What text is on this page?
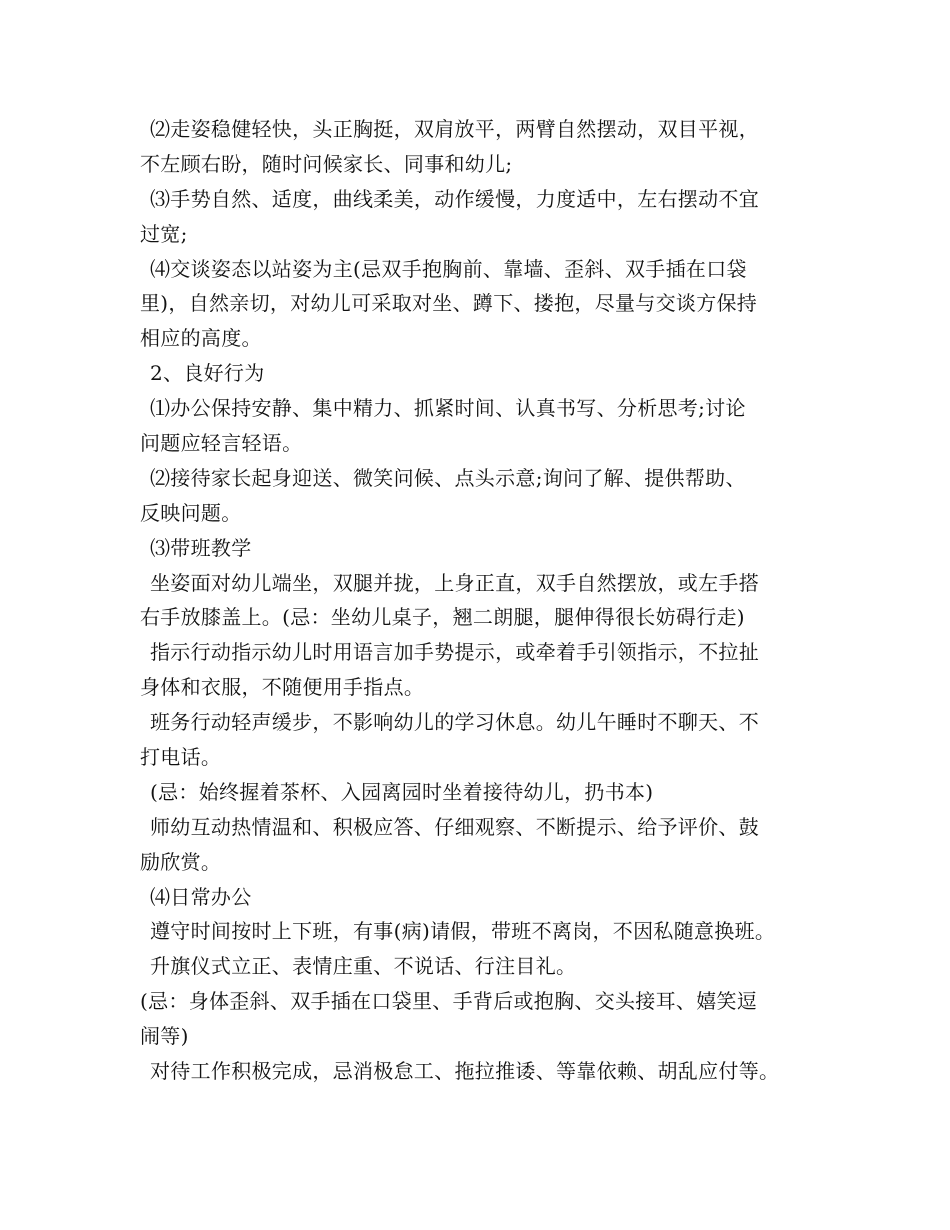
⑵走姿稳健轻快，头正胸挺，双肩放平，两臂自然摆动，双目平视，
不左顾右盼，随时问候家长、同事和幼儿;
⑶手势自然、适度，曲线柔美，动作缓慢，力度适中，左右摆动不宜
过宽;
⑷交谈姿态以站姿为主(忌双手抱胸前、靠墙、歪斜、双手插在口袋
里)，自然亲切，对幼儿可采取对坐、蹲下、搂抱，尽量与交谈方保持
相应的高度。
2、良好行为
⑴办公保持安静、集中精力、抓紧时间、认真书写、分析思考;讨论
问题应轻言轻语。
⑵接待家长起身迎送、微笑问候、点头示意;询问了解、提供帮助、
反映问题。
⑶带班教学
坐姿面对幼儿端坐，双腿并拢，上身正直，双手自然摆放，或左手搭
右手放膝盖上。(忌：坐幼儿桌子，翘二朗腿，腿伸得很长妨碍行走)
指示行动指示幼儿时用语言加手势提示，或牵着手引领指示，不拉扯
身体和衣服，不随便用手指点。
班务行动轻声缓步，不影响幼儿的学习休息。幼儿午睡时不聊天、不
打电话。
(忌：始终握着茶杯、入园离园时坐着接待幼儿，扔书本)
师幼互动热情温和、积极应答、仔细观察、不断提示、给予评价、鼓
励欣赏。
⑷日常办公
遵守时间按时上下班，有事(病)请假，带班不离岗，不因私随意换班。
升旗仪式立正、表情庄重、不说话、行注目礼。
(忌：身体歪斜、双手插在口袋里、手背后或抱胸、交头接耳、嬉笑逗
闹等)
对待工作积极完成，忌消极怠工、拖拉推诿、等靠依赖、胡乱应付等。
